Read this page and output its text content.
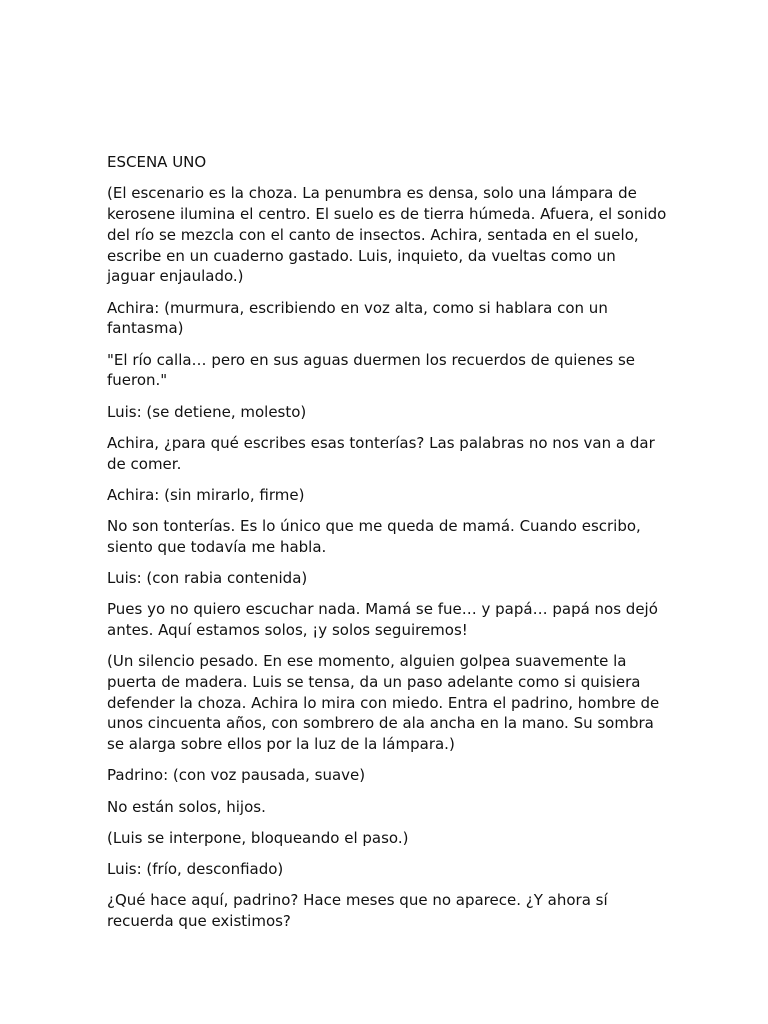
ESCENA UNO

(El escenario es la choza. La penumbra es densa, solo una lámpara de kerosene ilumina el centro. El suelo es de tierra húmeda. Afuera, el sonido del río se mezcla con el canto de insectos. Achira, sentada en el suelo, escribe en un cuaderno gastado. Luis, inquieto, da vueltas como un jaguar enjaulado.)

Achira: (murmura, escribiendo en voz alta, como si hablara con un fantasma)

"El río calla… pero en sus aguas duermen los recuerdos de quienes se fueron."

Luis: (se detiene, molesto)

Achira, ¿para qué escribes esas tonterías? Las palabras no nos van a dar de comer.

Achira: (sin mirarlo, firme)

No son tonterías. Es lo único que me queda de mamá. Cuando escribo, siento que todavía me habla.

Luis: (con rabia contenida)

Pues yo no quiero escuchar nada. Mamá se fue… y papá… papá nos dejó antes. Aquí estamos solos, ¡y solos seguiremos!

(Un silencio pesado. En ese momento, alguien golpea suavemente la puerta de madera. Luis se tensa, da un paso adelante como si quisiera defender la choza. Achira lo mira con miedo. Entra el padrino, hombre de unos cincuenta años, con sombrero de ala ancha en la mano. Su sombra se alarga sobre ellos por la luz de la lámpara.)

Padrino: (con voz pausada, suave)

No están solos, hijos.

(Luis se interpone, bloqueando el paso.)

Luis: (frío, desconfiado)

¿Qué hace aquí, padrino? Hace meses que no aparece. ¿Y ahora sí recuerda que existimos?
